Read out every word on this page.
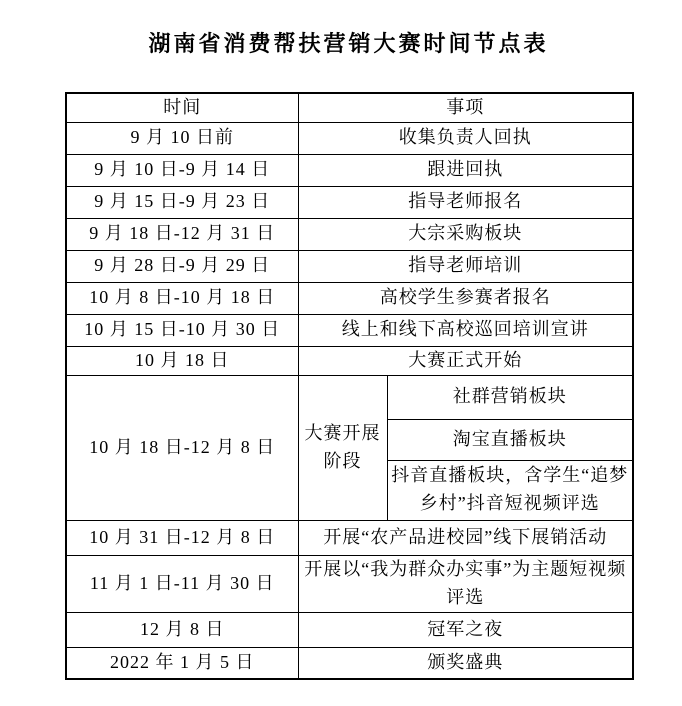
湖南省消费帮扶营销大赛时间节点表
时间	事项	
9 月 10 日前	收集负责人回执	
9 月 10 日-9 月 14 日	跟进回执	
9 月 15 日-9 月 23 日	指导老师报名	
9 月 18 日-12 月 31 日	大宗采购板块	
9 月 28 日-9 月 29 日	指导老师培训	
10 月 8 日-10 月 18 日	高校学生参赛者报名	
10 月 15 日-10 月 30 日	线上和线下高校巡回培训宣讲	
10 月 18 日	大赛正式开始	
10 月 18 日-12 月 8 日	大赛开展阶段	社群营销板块
		淘宝直播板块
		抖音直播板块，含学生“追梦乡村”抖音短视频评选
10 月 31 日-12 月 8 日	开展“农产品进校园”线下展销活动	
11 月 1 日-11 月 30 日	开展以“我为群众办实事”为主题短视频评选	
12 月 8 日	冠军之夜	
2022 年 1 月 5 日	颁奖盛典	
